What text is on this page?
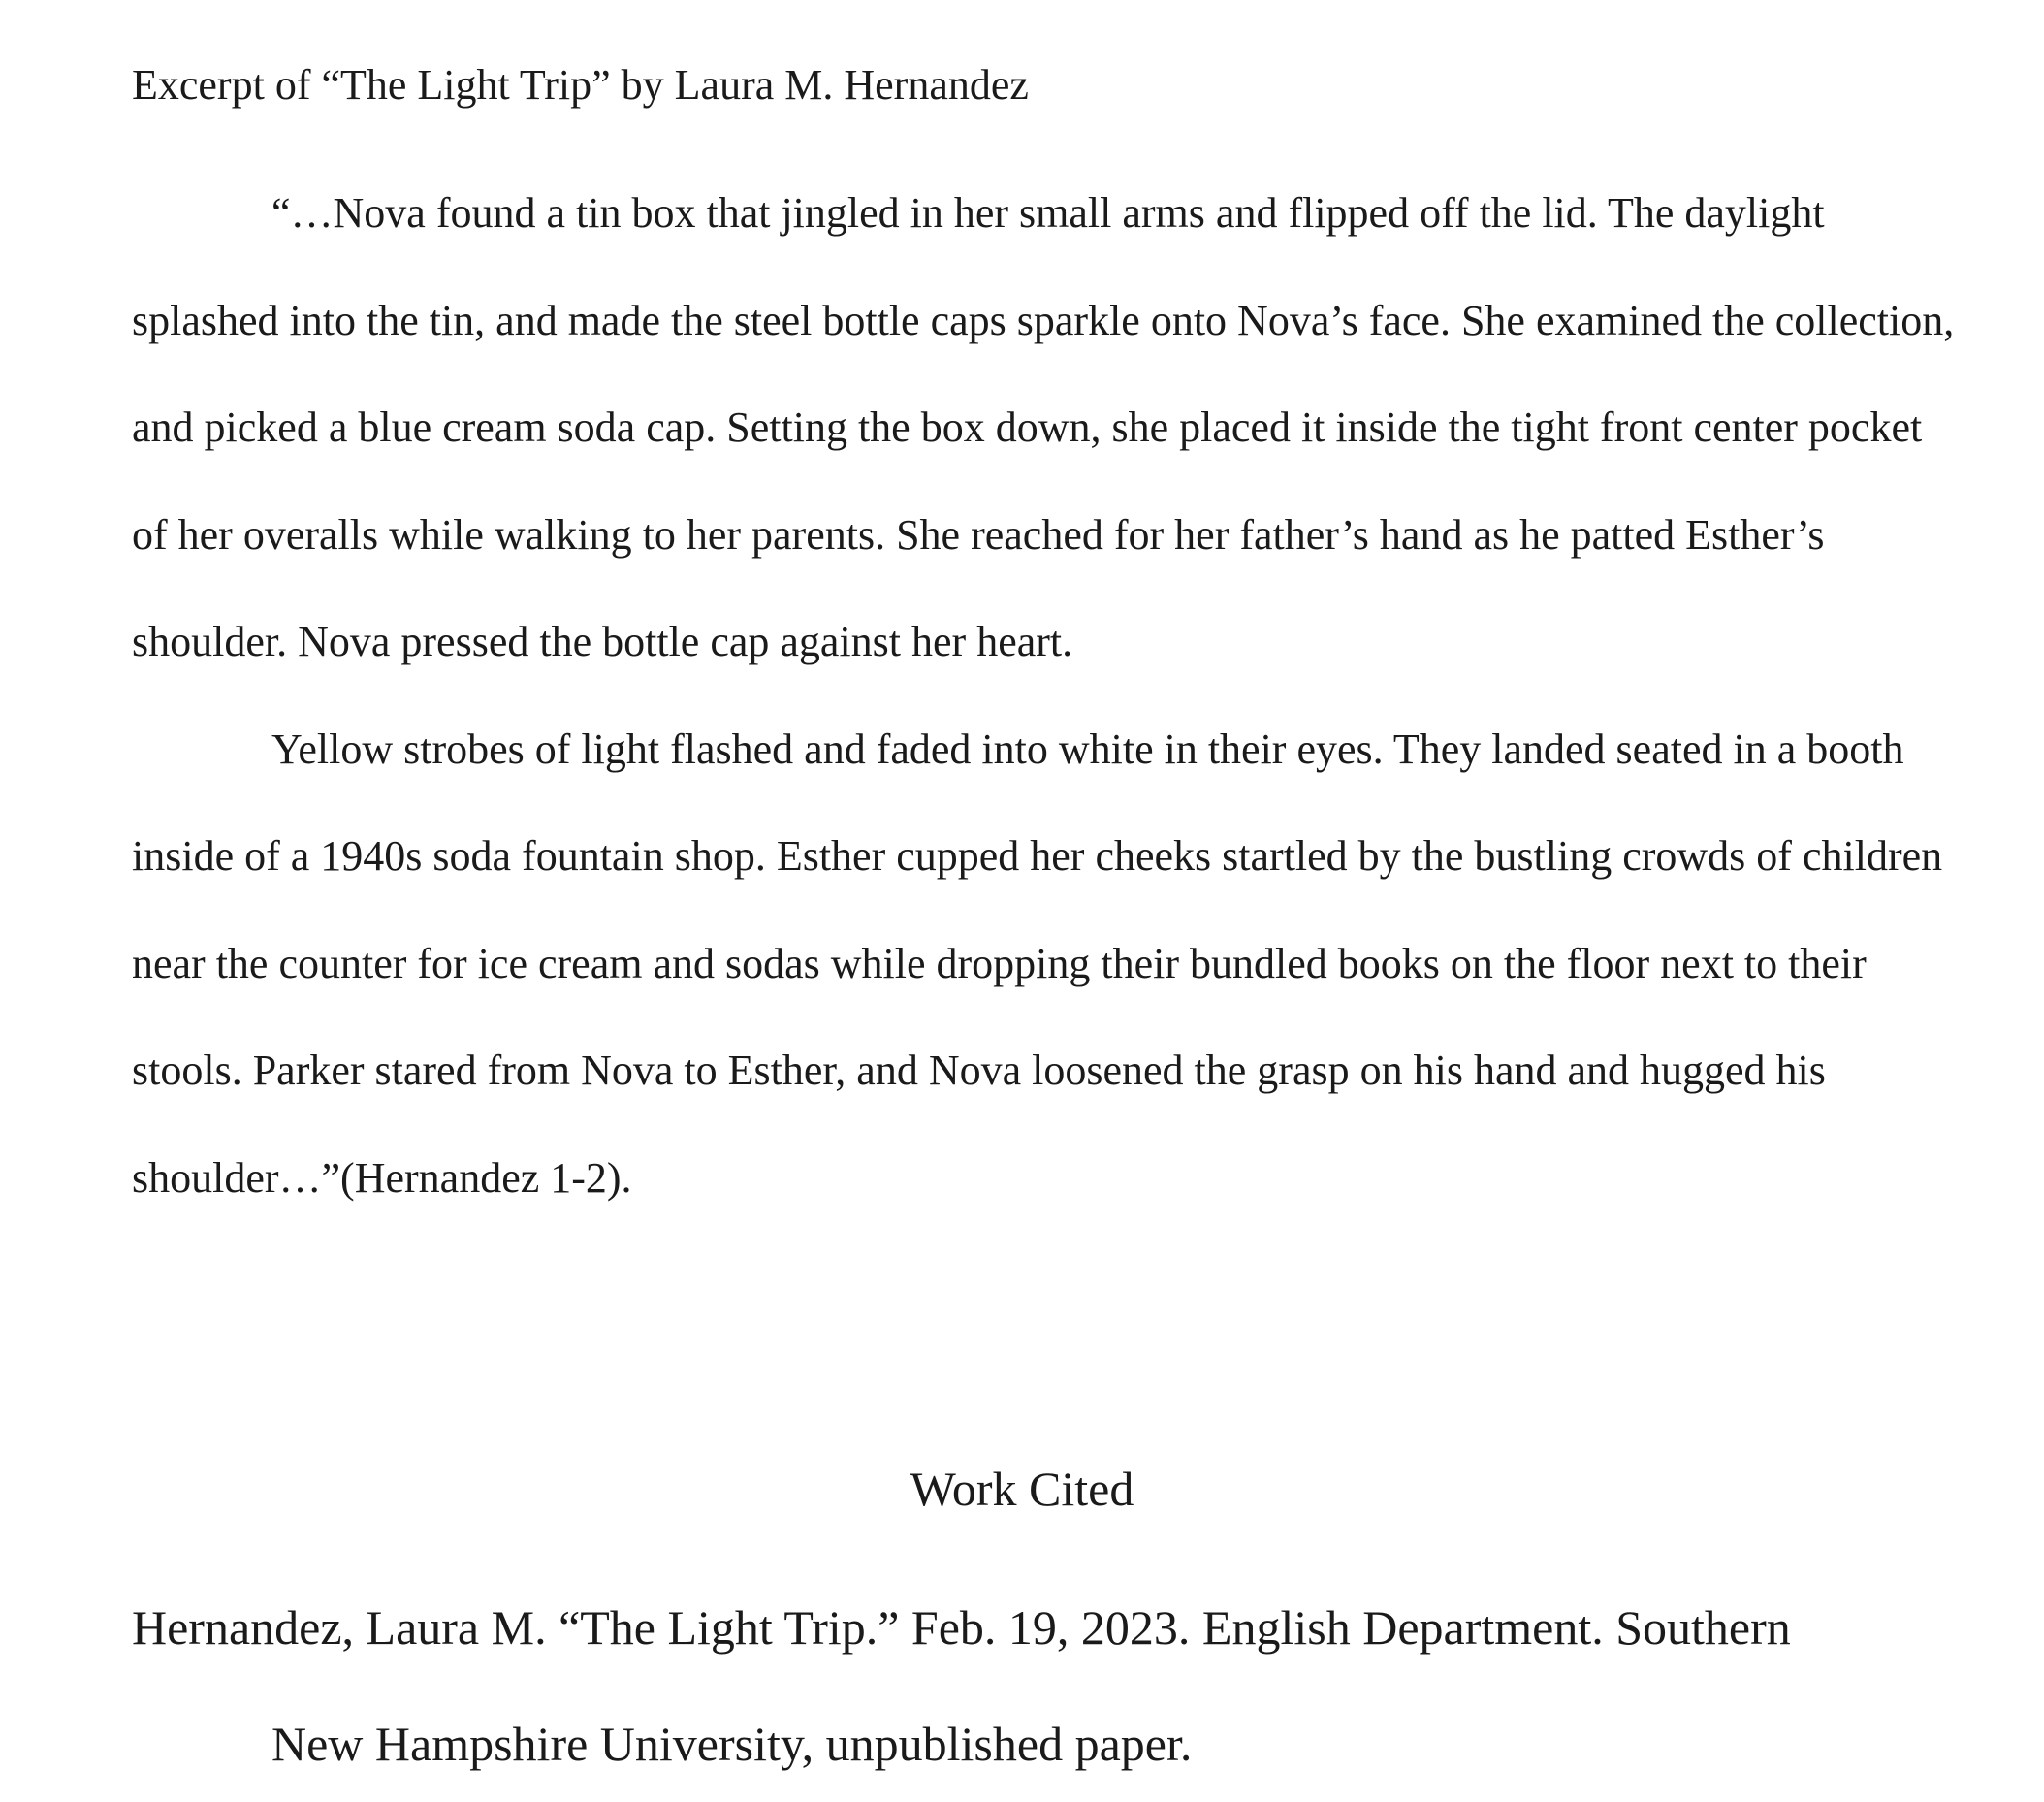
Excerpt of “The Light Trip” by Laura M. Hernandez

“…Nova found a tin box that jingled in her small arms and flipped off the lid. The daylight splashed into the tin, and made the steel bottle caps sparkle onto Nova’s face. She examined the collection, and picked a blue cream soda cap. Setting the box down, she placed it inside the tight front center pocket of her overalls while walking to her parents. She reached for her father’s hand as he patted Esther’s shoulder. Nova pressed the bottle cap against her heart.

Yellow strobes of light flashed and faded into white in their eyes. They landed seated in a booth inside of a 1940s soda fountain shop. Esther cupped her cheeks startled by the bustling crowds of children near the counter for ice cream and sodas while dropping their bundled books on the floor next to their stools. Parker stared from Nova to Esther, and Nova loosened the grasp on his hand and hugged his shoulder…”(Hernandez 1-2).

Work Cited
Hernandez, Laura M. “The Light Trip.” Feb. 19, 2023. English Department. Southern
New Hampshire University, unpublished paper.
